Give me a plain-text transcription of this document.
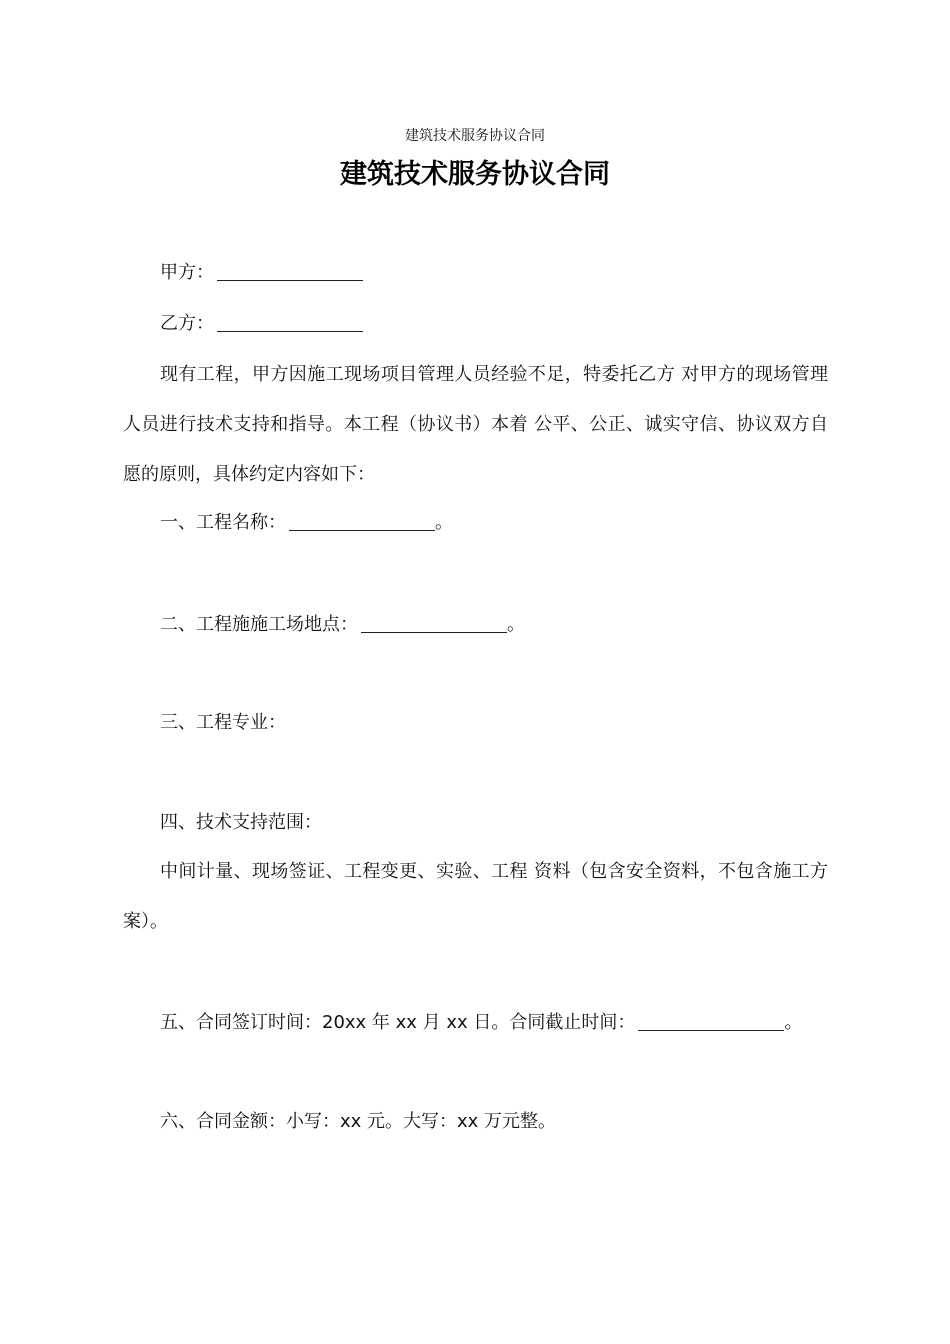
建筑技术服务协议合同
建筑技术服务协议合同

甲方：

乙方：

现有工程，甲方因施工现场项目管理人员经验不足，特委托乙方 对甲方的现场管理人员进行技术支持和指导。本工程（协议书）本着 公平、公正、诚实守信、协议双方自愿的原则，具体约定内容如下：

一、工程名称：	。

二、工程施施工场地点：	。

三、工程专业：

四、技术支持范围：

中间计量、现场签证、工程变更、实验、工程 资料（包含安全资料，不包含施工方案）。

五、合同签订时间：20xx 年 xx 月 xx 日。合同截止时间：	。

六、合同金额：小写：xx 元。大写：xx 万元整。
